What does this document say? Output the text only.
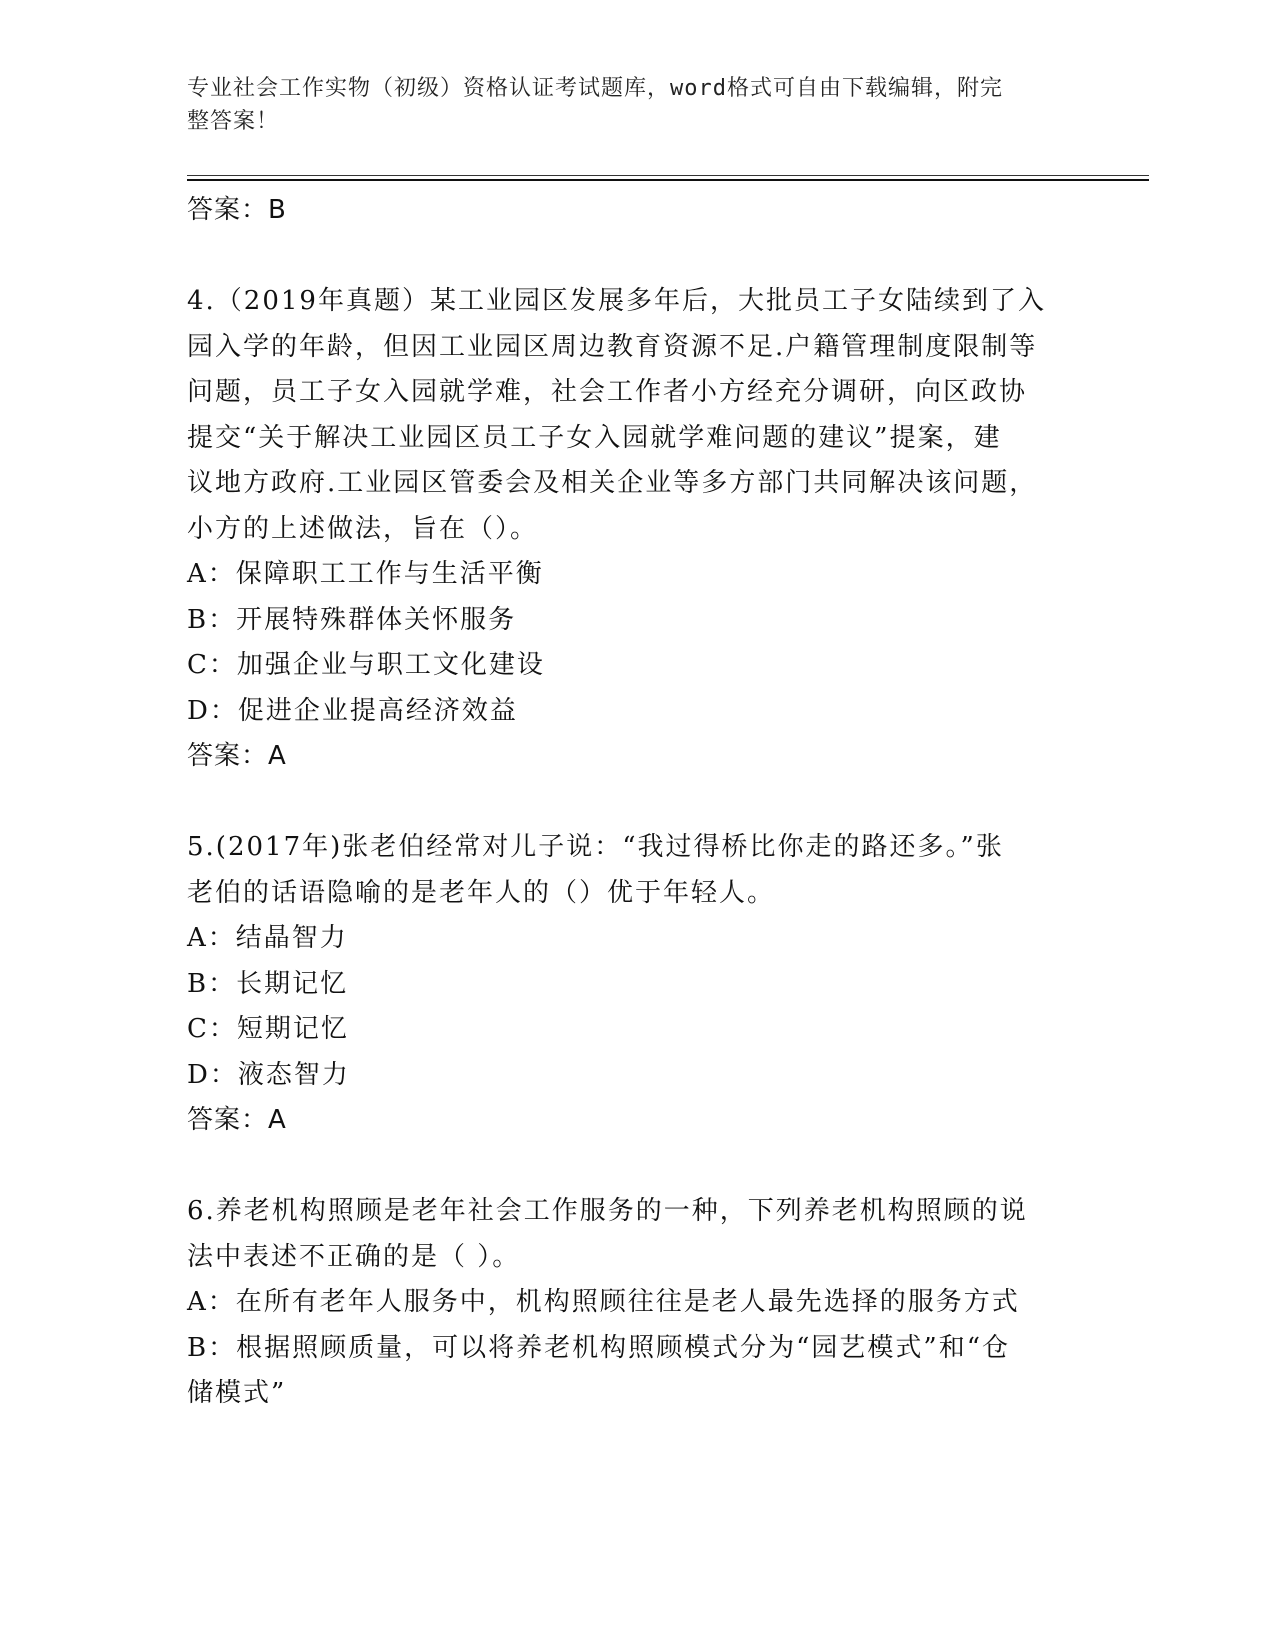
专业社会工作实物（初级）资格认证考试题库，word格式可自由下载编辑，附完
整答案！

答案：B

4.（2019年真题）某工业园区发展多年后，大批员工子女陆续到了入

园入学的年龄，但因工业园区周边教育资源不足.户籍管理制度限制等

问题，员工子女入园就学难，社会工作者小方经充分调研，向区政协

提交“关于解决工业园区员工子女入园就学难问题的建议”提案，建

议地方政府.工业园区管委会及相关企业等多方部门共同解决该问题，

小方的上述做法，旨在（）。

A：保障职工工作与生活平衡

B：开展特殊群体关怀服务

C：加强企业与职工文化建设

D：促进企业提高经济效益

答案：A

5.(2017年)张老伯经常对儿子说：“我过得桥比你走的路还多。”张

老伯的话语隐喻的是老年人的（）优于年轻人。

A：结晶智力

B：长期记忆

C：短期记忆

D：液态智力

答案：A

6.养老机构照顾是老年社会工作服务的一种，下列养老机构照顾的说

法中表述不正确的是（ ）。

A：在所有老年人服务中，机构照顾往往是老人最先选择的服务方式

B：根据照顾质量，可以将养老机构照顾模式分为“园艺模式”和“仓

储模式”
